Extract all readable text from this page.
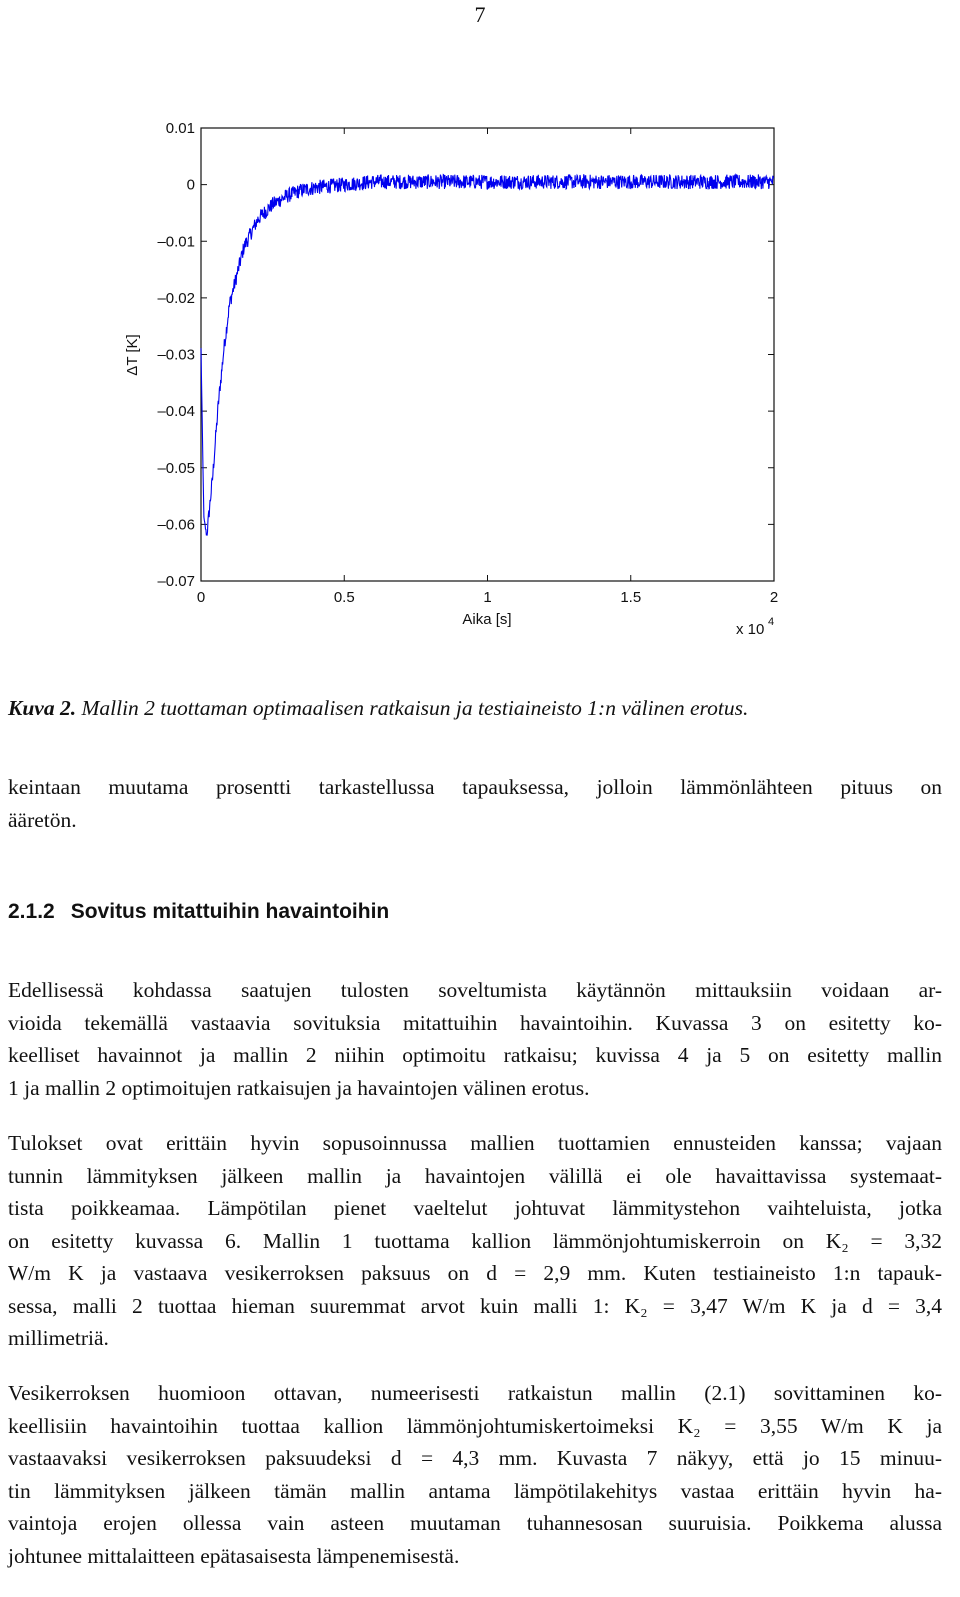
7
0	0.5	1	1.5	2
0.01
0
–0.01
–0.02
–0.03
–0.04
–0.05
–0.06
–0.07
ΔT [K]
Aika [s]
x 10 4
Kuva 2. Mallin 2 tuottaman optimaalisen ratkaisun ja testiaineisto 1:n välinen erotus.
keintaan muutama prosentti tarkastellussa tapauksessa, jolloin lämmönlähteen pituus on
ääretön.
2.1.2 Sovitus mitattuihin havaintoihin
Edellisessä kohdassa saatujen tulosten soveltumista käytännön mittauksiin voidaan ar-
vioida tekemällä vastaavia sovituksia mitattuihin havaintoihin. Kuvassa 3 on esitetty ko-
keelliset havainnot ja mallin 2 niihin optimoitu ratkaisu; kuvissa 4 ja 5 on esitetty mallin
1 ja mallin 2 optimoitujen ratkaisujen ja havaintojen välinen erotus.
Tulokset ovat erittäin hyvin sopusoinnussa mallien tuottamien ennusteiden kanssa; vajaan
tunnin lämmityksen jälkeen mallin ja havaintojen välillä ei ole havaittavissa systemaat-
tista poikkeamaa. Lämpötilan pienet vaeltelut johtuvat lämmitystehon vaihteluista, jotka
on esitetty kuvassa 6. Mallin 1 tuottama kallion lämmönjohtumiskerroin on K₂ = 3,32
W/m K ja vastaava vesikerroksen paksuus on d = 2,9 mm. Kuten testiaineisto 1:n tapauk-
sessa, malli 2 tuottaa hieman suuremmat arvot kuin malli 1: K₂ = 3,47 W/m K ja d = 3,4
millimetriä.
Vesikerroksen huomioon ottavan, numeerisesti ratkaistun mallin (2.1) sovittaminen ko-
keellisiin havaintoihin tuottaa kallion lämmönjohtumiskertoimeksi K₂ = 3,55 W/m K ja
vastaavaksi vesikerroksen paksuudeksi d = 4,3 mm. Kuvasta 7 näkyy, että jo 15 minuu-
tin lämmityksen jälkeen tämän mallin antama lämpötilakehitys vastaa erittäin hyvin ha-
vaintoja erojen ollessa vain asteen muutaman tuhannesosan suuruisia. Poikkema alussa
johtunee mittalaitteen epätasaisesta lämpenemisestä.
